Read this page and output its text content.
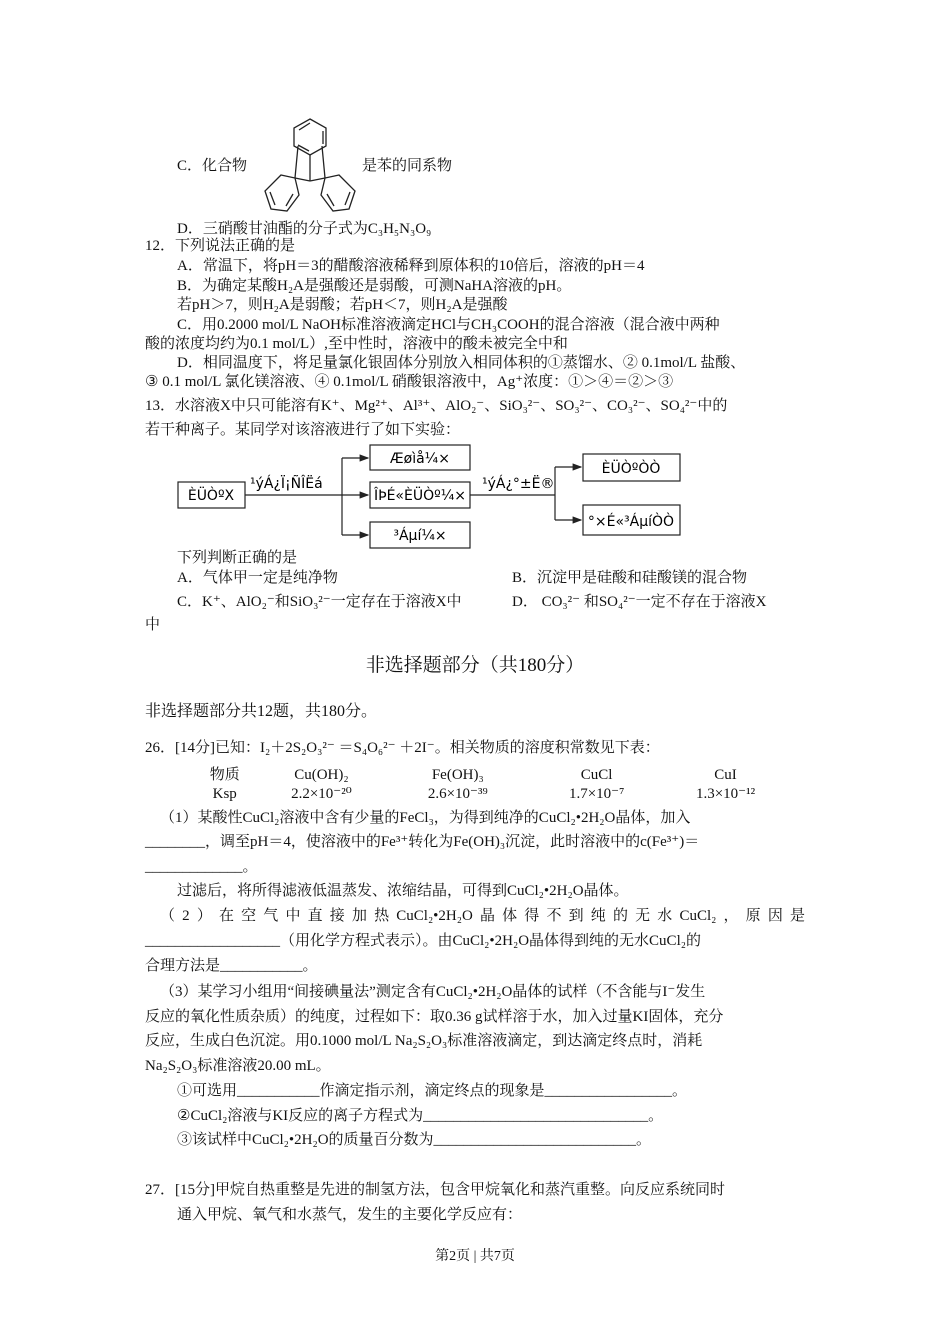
C．化合物	是苯的同系物
D．三硝酸甘油酯的分子式为C₃H₅N₃O₉
12．下列说法正确的是
A．常温下，将pH＝3的醋酸溶液稀释到原体积的10倍后，溶液的pH＝4
B．为确定某酸H₂A是强酸还是弱酸，可测NaHA溶液的pH。
若pH＞7，则H₂A是弱酸；若pH＜7，则H₂A是强酸
C．用0.2000 mol/L NaOH标准溶液滴定HCl与CH₃COOH的混合溶液（混合液中两种
酸的浓度均约为0.1 mol/L）,至中性时，溶液中的酸未被完全中和
D．相同温度下，将足量氯化银固体分别放入相同体积的①蒸馏水、② 0.1mol/L 盐酸、
③ 0.1 mol/L 氯化镁溶液、④ 0.1mol/L 硝酸银溶液中，Ag⁺浓度：①＞④＝②＞③
13．水溶液X中只可能溶有K⁺、Mg²⁺、Al³⁺、AlO₂⁻、SiO₃²⁻、SO₃²⁻、CO₃²⁻、SO₄²⁻中的
若干种离子。某同学对该溶液进行了如下实验：
ÈÜÒºX
¹ýÁ¿Ï¡ÑÎËá
Æøìå¼×
ÎÞÉ«ÈÜÒº¼×
³Áµí¼×
¹ýÁ¿°±Ë®
ÈÜÒºÒÒ
°×É«³ÁµíÒÒ
下列判断正确的是
A．气体甲一定是纯净物	B．沉淀甲是硅酸和硅酸镁的混合物
C．K⁺、AlO₂⁻和SiO₃²⁻一定存在于溶液X中	D． CO₃²⁻ 和SO₄²⁻一定不存在于溶液X
中
非选择题部分（共180分）
非选择题部分共12题，共180分。
26．[14分]已知：I₂＋2S₂O₃²⁻ ＝S₄O₆²⁻ ＋2I⁻。相关物质的溶度积常数见下表：
物质	Cu(OH)₂	Fe(OH)₃	CuCl	CuI
Ksp	2.2×10⁻²⁰	2.6×10⁻³⁹	1.7×10⁻⁷	1.3×10⁻¹²
（1）某酸性CuCl₂溶液中含有少量的FeCl₃，为得到纯净的CuCl₂•2H₂O晶体，加入
________，调至pH＝4，使溶液中的Fe³⁺转化为Fe(OH)₃沉淀，此时溶液中的c(Fe³⁺)＝
_____________。
过滤后，将所得滤液低温蒸发、浓缩结晶，可得到CuCl₂•2H₂O晶体。
（2）在空气中直接加热CuCl₂•2H₂O晶体得不到纯的无水CuCl₂，原因是
__________________（用化学方程式表示）。由CuCl₂•2H₂O晶体得到纯的无水CuCl₂的
合理方法是___________。
（3）某学习小组用“间接碘量法”测定含有CuCl₂•2H₂O晶体的试样（不含能与I⁻发生
反应的氧化性质杂质）的纯度，过程如下：取0.36 g试样溶于水，加入过量KI固体，充分
反应，生成白色沉淀。用0.1000 mol/L Na₂S₂O₃标准溶液滴定，到达滴定终点时，消耗
Na₂S₂O₃标准溶液20.00 mL。
①可选用___________作滴定指示剂，滴定终点的现象是_________________。
②CuCl₂溶液与KI反应的离子方程式为______________________________。
③该试样中CuCl₂•2H₂O的质量百分数为___________________________。
27．[15分]甲烷自热重整是先进的制氢方法，包含甲烷氧化和蒸汽重整。向反应系统同时
通入甲烷、氧气和水蒸气，发生的主要化学反应有：
第2页 | 共7页
